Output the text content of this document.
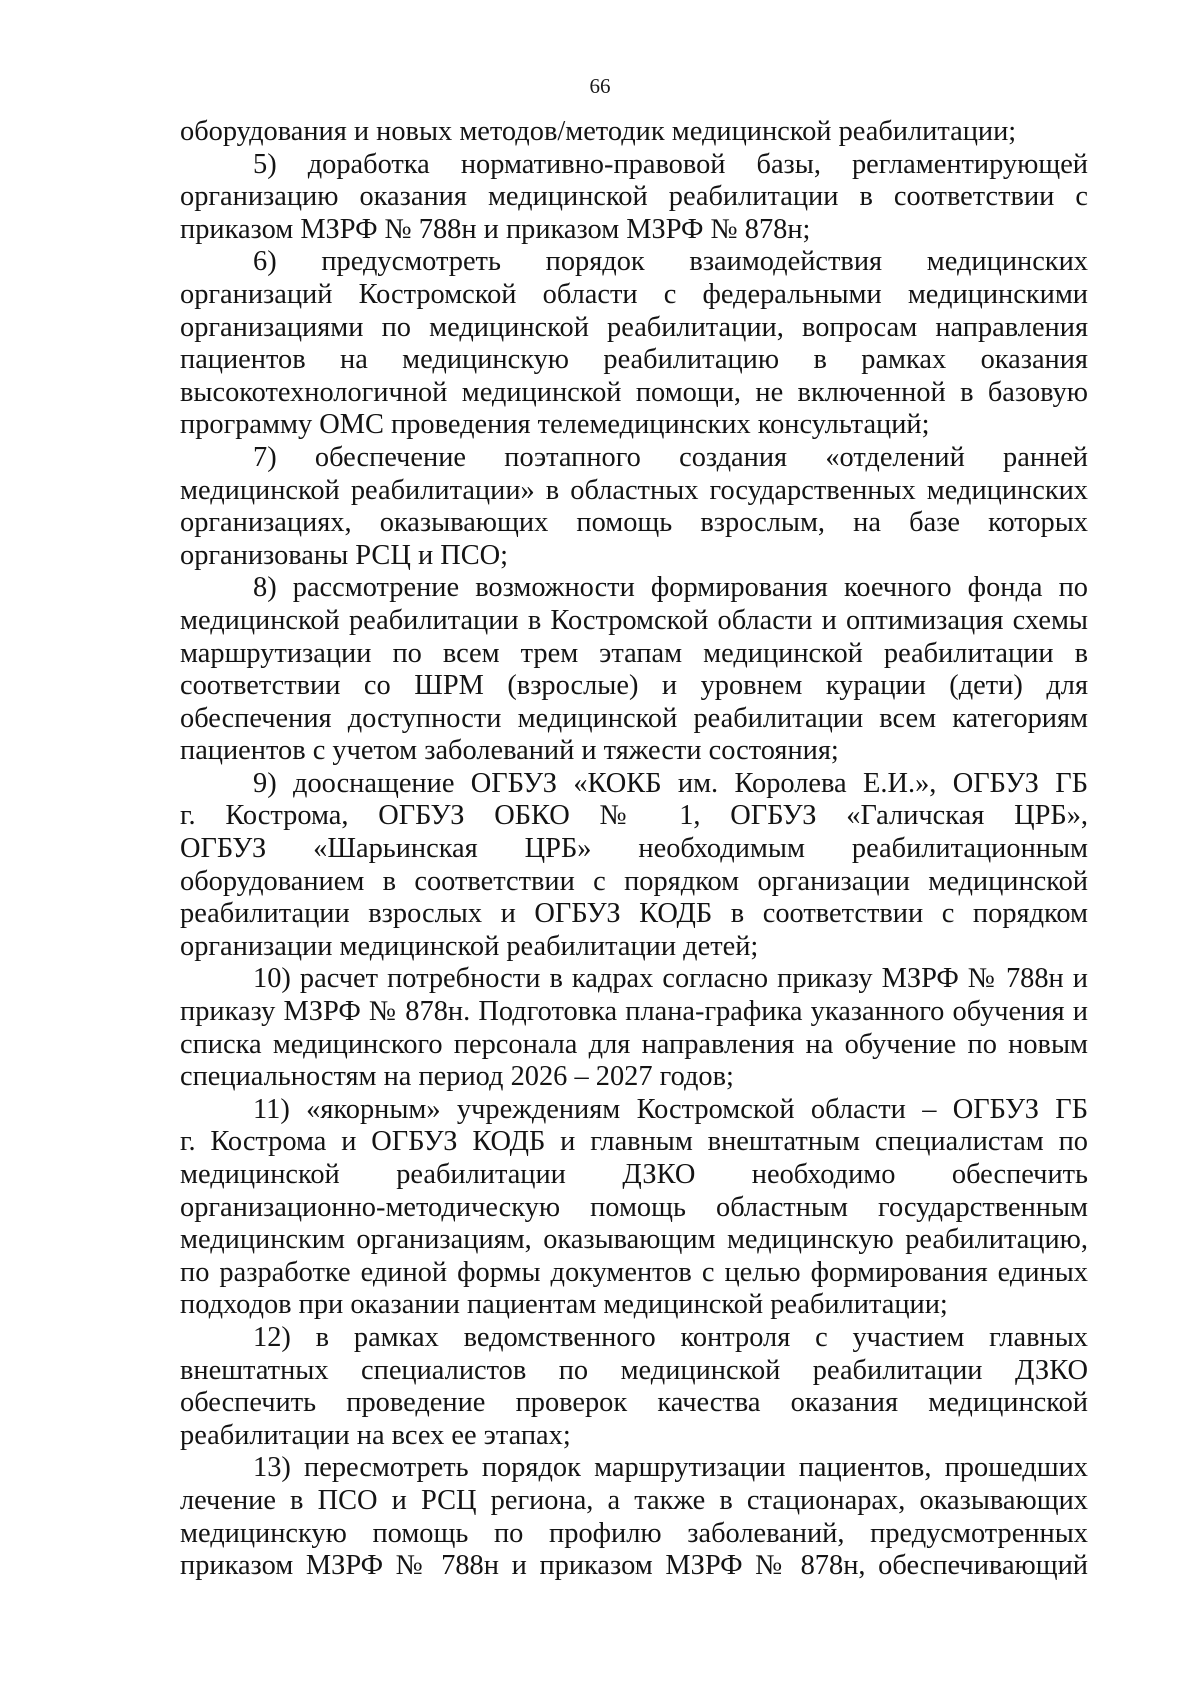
66
оборудования и новых методов/методик медицинской реабилитации;
5) доработка нормативно-правовой базы, регламентирующей
организацию оказания медицинской реабилитации в соответствии с
приказом МЗРФ № 788н и приказом МЗРФ № 878н;
6) предусмотреть порядок взаимодействия медицинских
организаций Костромской области с федеральными медицинскими
организациями по медицинской реабилитации, вопросам направления
пациентов на медицинскую реабилитацию в рамках оказания
высокотехнологичной медицинской помощи, не включенной в базовую
программу ОМС проведения телемедицинских консультаций;
7) обеспечение поэтапного создания «отделений ранней
медицинской реабилитации» в областных государственных медицинских
организациях, оказывающих помощь взрослым, на базе которых
организованы РСЦ и ПСО;
8) рассмотрение возможности формирования коечного фонда по
медицинской реабилитации в Костромской области и оптимизация схемы
маршрутизации по всем трем этапам медицинской реабилитации в
соответствии со ШРМ (взрослые) и уровнем курации (дети) для
обеспечения доступности медицинской реабилитации всем категориям
пациентов с учетом заболеваний и тяжести состояния;
9) дооснащение ОГБУЗ «КОКБ им. Королева Е.И.», ОГБУЗ ГБ
г. Кострома, ОГБУЗ ОБКО № 1, ОГБУЗ «Галичская ЦРБ»,
ОГБУЗ «Шарьинская ЦРБ» необходимым реабилитационным
оборудованием в соответствии с порядком организации медицинской
реабилитации взрослых и ОГБУЗ КОДБ в соответствии с порядком
организации медицинской реабилитации детей;
10) расчет потребности в кадрах согласно приказу МЗРФ № 788н и
приказу МЗРФ № 878н. Подготовка плана-графика указанного обучения и
списка медицинского персонала для направления на обучение по новым
специальностям на период 2026 – 2027 годов;
11) «якорным» учреждениям Костромской области – ОГБУЗ ГБ
г. Кострома и ОГБУЗ КОДБ и главным внештатным специалистам по
медицинской реабилитации ДЗКО необходимо обеспечить
организационно-методическую помощь областным государственным
медицинским организациям, оказывающим медицинскую реабилитацию,
по разработке единой формы документов с целью формирования единых
подходов при оказании пациентам медицинской реабилитации;
12) в рамках ведомственного контроля с участием главных
внештатных специалистов по медицинской реабилитации ДЗКО
обеспечить проведение проверок качества оказания медицинской
реабилитации на всех ее этапах;
13) пересмотреть порядок маршрутизации пациентов, прошедших
лечение в ПСО и РСЦ региона, а также в стационарах, оказывающих
медицинскую помощь по профилю заболеваний, предусмотренных
приказом МЗРФ № 788н и приказом МЗРФ № 878н, обеспечивающий
